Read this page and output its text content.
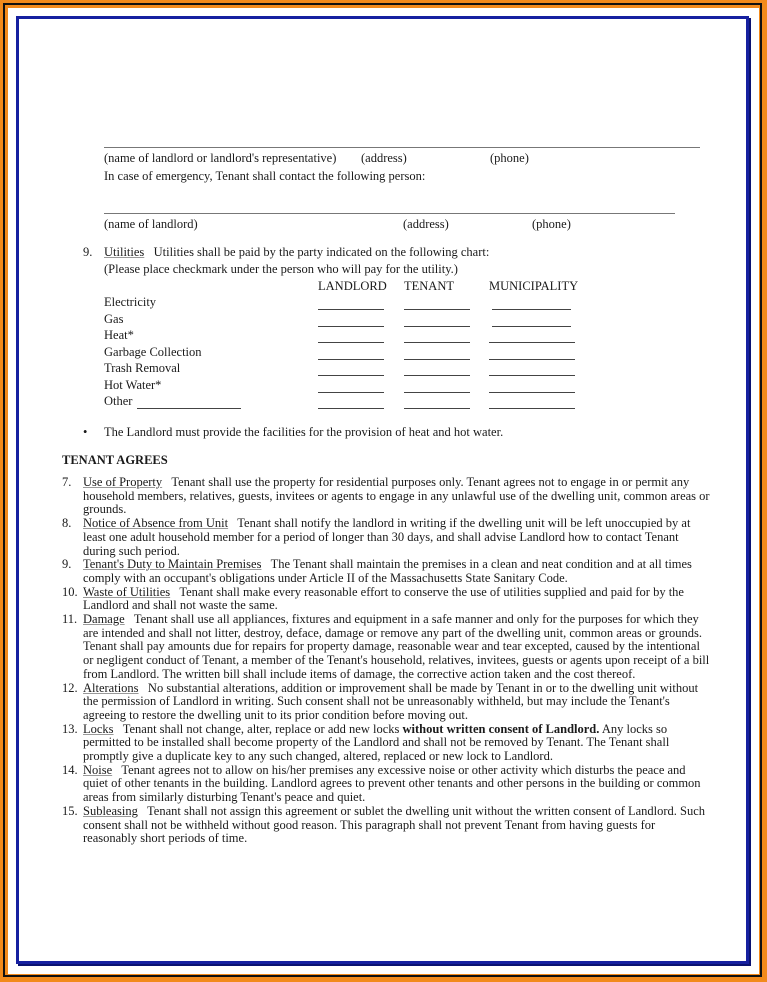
(name of landlord or landlord's representative) (address)	(phone)
In case of emergency, Tenant shall contact the following person:
(name of landlord)	(address)	(phone)
9. Utilities Utilities shall be paid by the party indicated on the following chart:
(Please place checkmark under the person who will pay for the utility.)
LANDLORD TENANT	MUNICIPALITY
Electricity
Gas
Heat*
Garbage Collection
Trash Removal
Hot Water*
Other
• The Landlord must provide the facilities for the provision of heat and hot water.
TENANT AGREES
7. Use of Property Tenant shall use the property for residential purposes only. Tenant agrees not to engage in or permit any household members, relatives, guests, invitees or agents to engage in any unlawful use of the dwelling unit, common areas or grounds.
8. Notice of Absence from Unit Tenant shall notify the landlord in writing if the dwelling unit will be left unoccupied by at least one adult household member for a period of longer than 30 days, and shall advise Landlord how to contact Tenant during such period.
9. Tenant's Duty to Maintain Premises The Tenant shall maintain the premises in a clean and neat condition and at all times comply with an occupant's obligations under Article II of the Massachusetts State Sanitary Code.
10. Waste of Utilities Tenant shall make every reasonable effort to conserve the use of utilities supplied and paid for by the Landlord and shall not waste the same.
11. Damage Tenant shall use all appliances, fixtures and equipment in a safe manner and only for the purposes for which they are intended and shall not litter, destroy, deface, damage or remove any part of the dwelling unit, common areas or grounds. Tenant shall pay amounts due for repairs for property damage, reasonable wear and tear excepted, caused by the intentional or negligent conduct of Tenant, a member of the Tenant's household, relatives, invitees, guests or agents upon receipt of a bill from Landlord. The written bill shall include items of damage, the corrective action taken and the cost thereof.
12. Alterations No substantial alterations, addition or improvement shall be made by Tenant in or to the dwelling unit without the permission of Landlord in writing. Such consent shall not be unreasonably withheld, but may include the Tenant's agreeing to restore the dwelling unit to its prior condition before moving out.
13. Locks Tenant shall not change, alter, replace or add new locks without written consent of Landlord. Any locks so permitted to be installed shall become property of the Landlord and shall not be removed by Tenant. The Tenant shall promptly give a duplicate key to any such changed, altered, replaced or new lock to Landlord.
14. Noise Tenant agrees not to allow on his/her premises any excessive noise or other activity which disturbs the peace and quiet of other tenants in the building. Landlord agrees to prevent other tenants and other persons in the building or common areas from similarly disturbing Tenant's peace and quiet.
15. Subleasing Tenant shall not assign this agreement or sublet the dwelling unit without the written consent of Landlord. Such consent shall not be withheld without good reason. This paragraph shall not prevent Tenant from having guests for reasonably short periods of time.
